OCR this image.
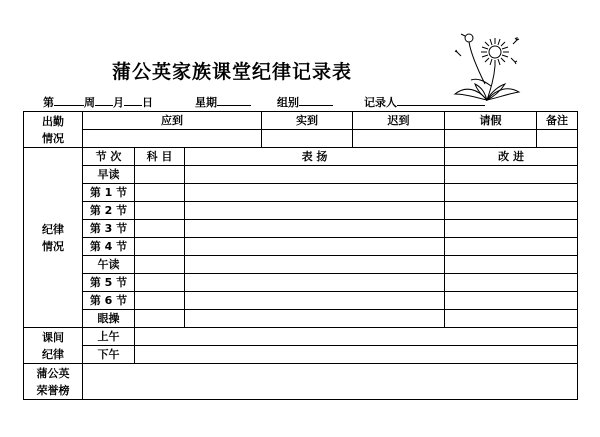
蒲公英家族课堂纪律记录表
第	周 月 日	星期	组别	记录人
出勤
情况	应到			实到	迟到	请假	备注

纪律
情况	节 次	科 目	表 扬			改 进	
	早读						
	第 1 节						
	第 2 节						
	第 3 节						
	第 4 节						
	午读						
	第 5 节						
	第 6 节						
	眼操						
课间
纪律	上午						
	下午						
蒲公英
荣誉榜							
